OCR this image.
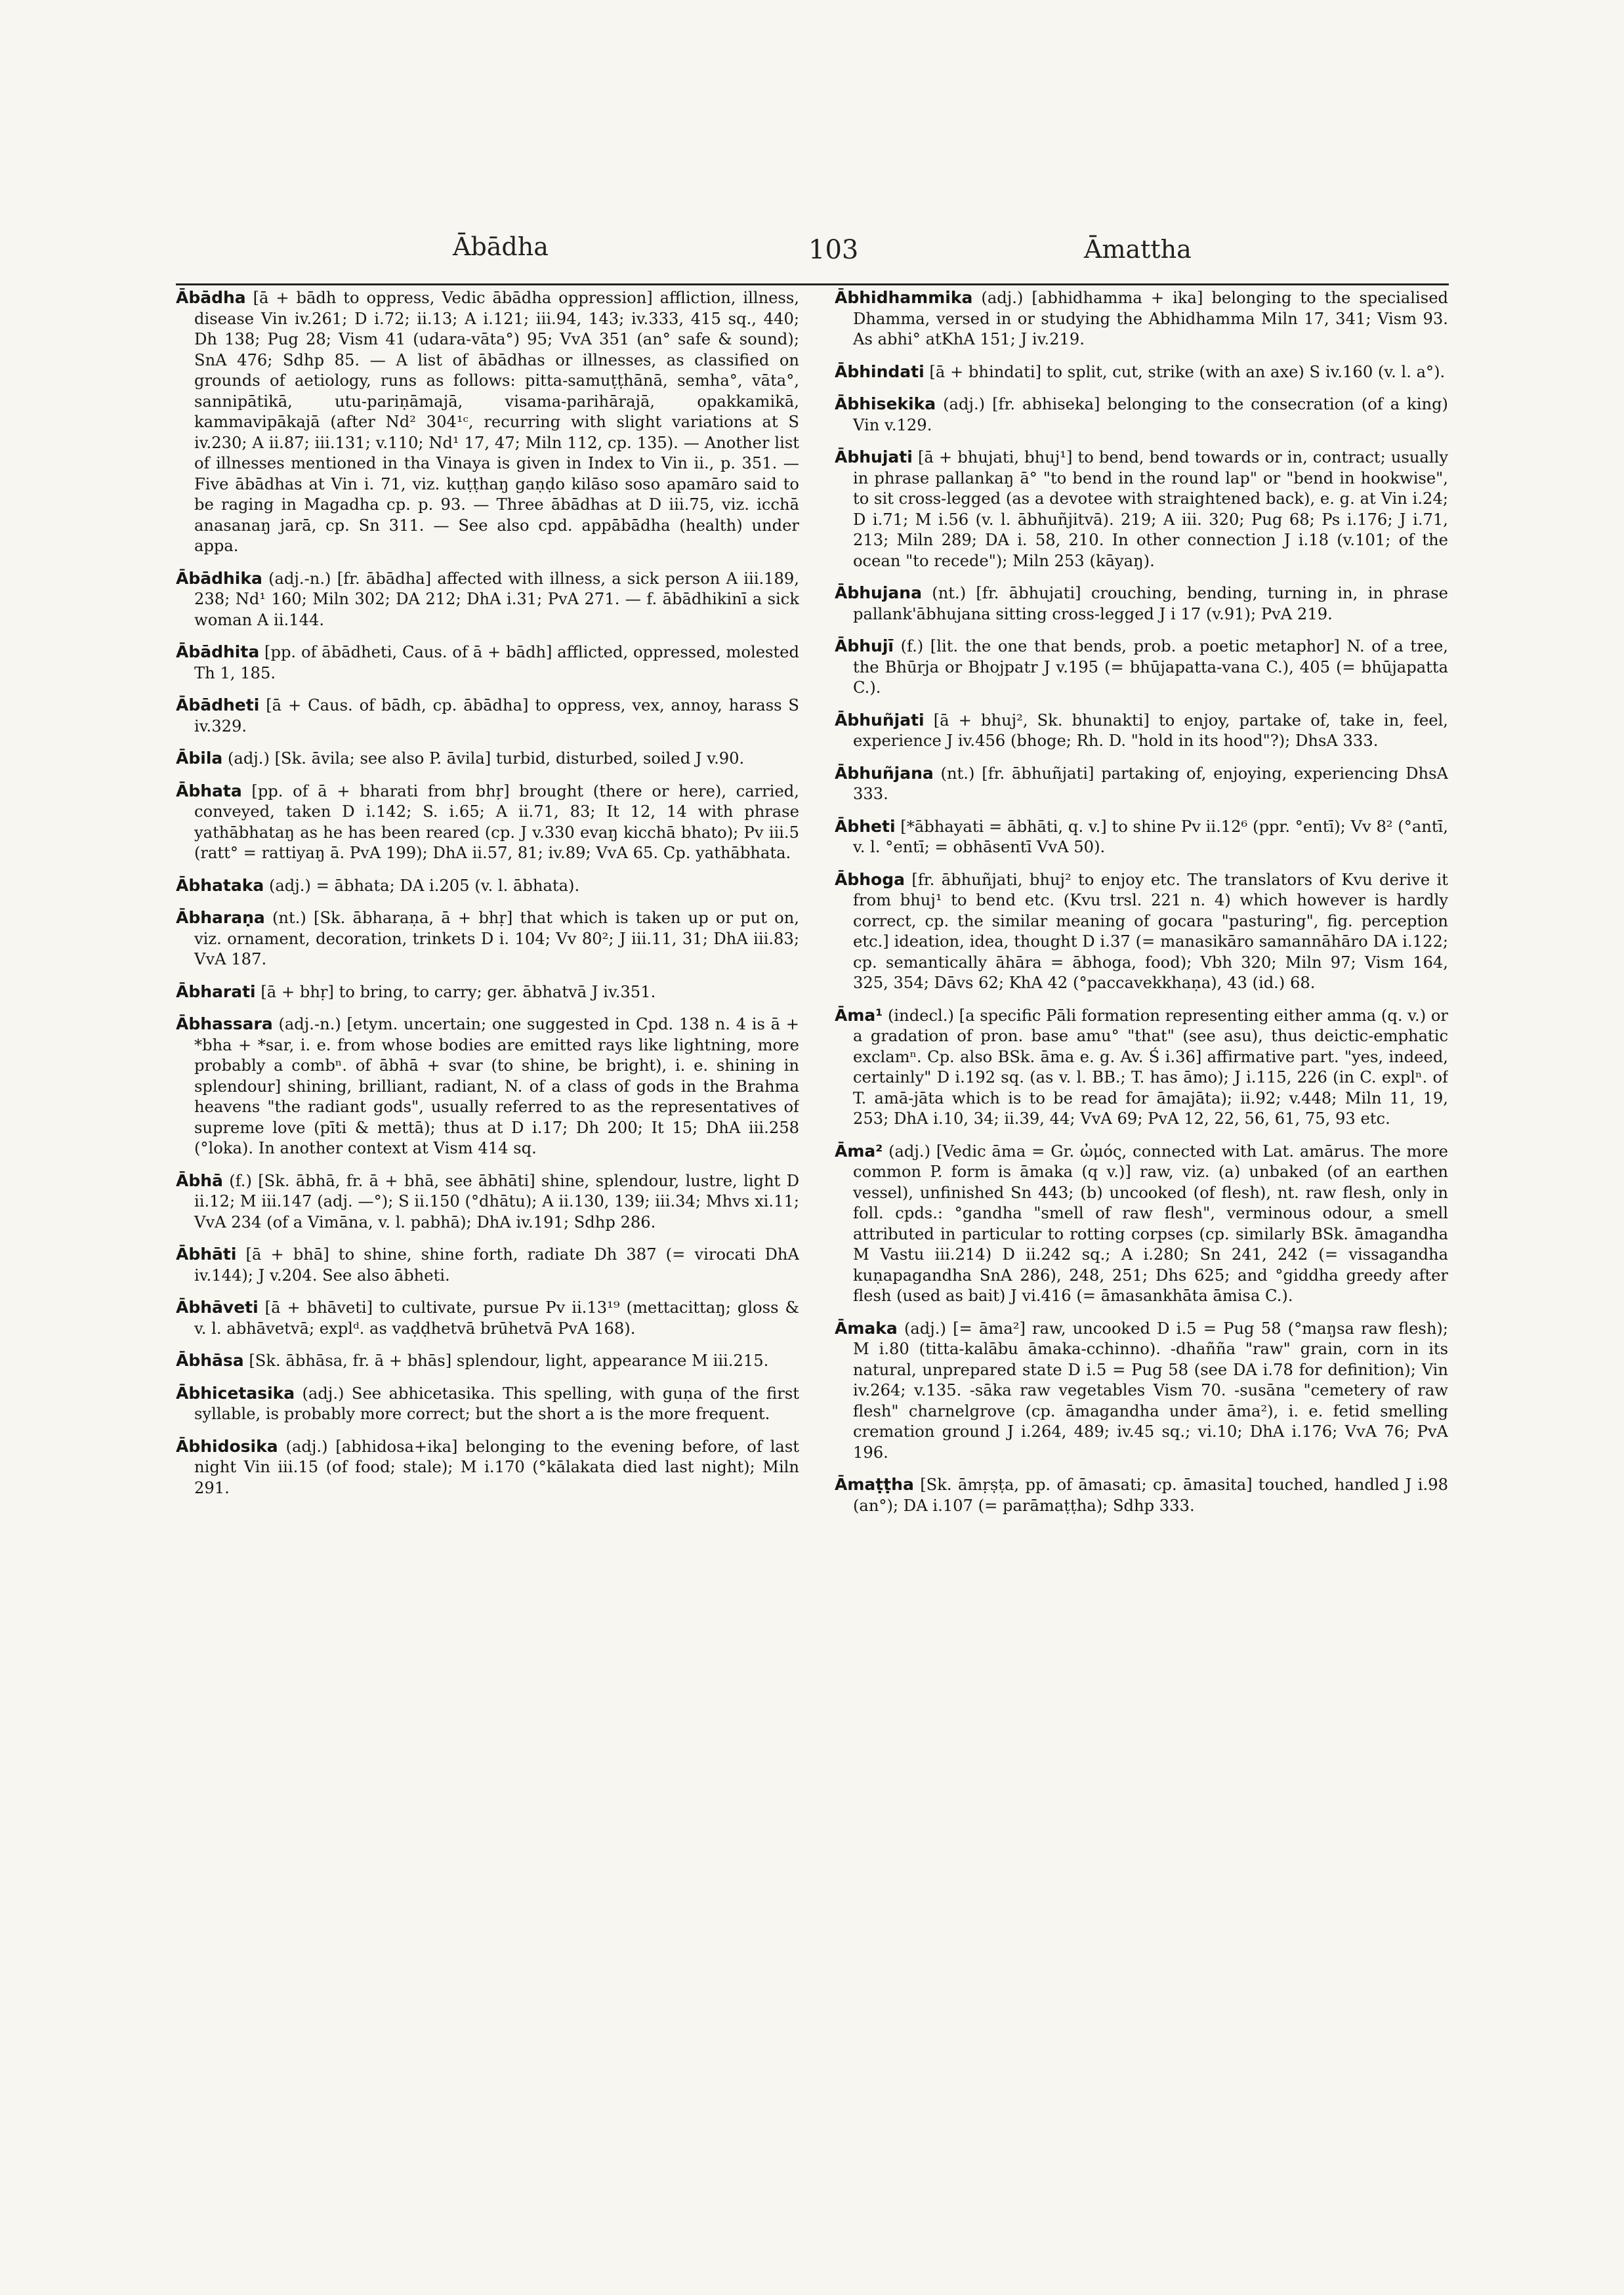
Ābādha	103	Āmattha

Ābādha [ā + bādh to oppress, Vedic ābādha oppression] affliction, illness, disease Vin iv.261; D i.72; ii.13; A i.121; iii.94, 143; iv.333, 415 sq., 440; Dh 138; Pug 28; Vism 41 (udara-vāta°) 95; VvA 351 (an° safe & sound); SnA 476; Sdhp 85. — A list of ābādhas or illnesses, as classified on grounds of aetiology, runs as follows: pitta-samuṭṭhānā, semha°, vāta°, sannipātikā, utu-pariṇāmajā, visama-parihārajā, opakkamikā, kammavipākajā (after Nd² 304¹ᶜ, recurring with slight variations at S iv.230; A ii.87; iii.131; v.110; Nd¹ 17, 47; Miln 112, cp. 135). — Another list of illnesses mentioned in tha Vinaya is given in Index to Vin ii., p. 351. — Five ābādhas at Vin i. 71, viz. kuṭṭhaŋ gaṇḍo kilāso soso apamāro said to be raging in Magadha cp. p. 93. — Three ābādhas at D iii.75, viz. icchā anasanaŋ jarā, cp. Sn 311. — See also cpd. appābādha (health) under appa.

Ābādhika (adj.-n.) [fr. ābādha] affected with illness, a sick person A iii.189, 238; Nd¹ 160; Miln 302; DA 212; DhA i.31; PvA 271. — f. ābādhikinī a sick woman A ii.144.

Ābādhita [pp. of ābādheti, Caus. of ā + bādh] afflicted, oppressed, molested Th 1, 185.

Ābādheti [ā + Caus. of bādh, cp. ābādha] to oppress, vex, annoy, harass S iv.329.

Ābila (adj.) [Sk. āvila; see also P. āvila] turbid, disturbed, soiled J v.90.

Ābhata [pp. of ā + bharati from bhṛ] brought (there or here), carried, conveyed, taken D i.142; S. i.65; A ii.71, 83; It 12, 14 with phrase yathābhataŋ as he has been reared (cp. J v.330 evaŋ kicchā bhato); Pv iii.5 (ratt° = rattiyaŋ ā. PvA 199); DhA ii.57, 81; iv.89; VvA 65. Cp. yathābhata.

Ābhataka (adj.) = ābhata; DA i.205 (v. l. ābhata).

Ābharaṇa (nt.) [Sk. ābharaṇa, ā + bhṛ] that which is taken up or put on, viz. ornament, decoration, trinkets D i. 104; Vv 80²; J iii.11, 31; DhA iii.83; VvA 187.

Ābharati [ā + bhṛ] to bring, to carry; ger. ābhatvā J iv.351.

Ābhassara (adj.-n.) [etym. uncertain; one suggested in Cpd. 138 n. 4 is ā + *bha + *sar, i. e. from whose bodies are emitted rays like lightning, more probably a combⁿ. of ābhā + svar (to shine, be bright), i. e. shining in splendour] shining, brilliant, radiant, N. of a class of gods in the Brahma heavens "the radiant gods", usually referred to as the representatives of supreme love (pīti & mettā); thus at D i.17; Dh 200; It 15; DhA iii.258 (°loka). In another context at Vism 414 sq.

Ābhā (f.) [Sk. ābhā, fr. ā + bhā, see ābhāti] shine, splendour, lustre, light D ii.12; M iii.147 (adj. —°); S ii.150 (°dhātu); A ii.130, 139; iii.34; Mhvs xi.11; VvA 234 (of a Vimāna, v. l. pabhā); DhA iv.191; Sdhp 286.

Ābhāti [ā + bhā] to shine, shine forth, radiate Dh 387 (= virocati DhA iv.144); J v.204. See also ābheti.

Ābhāveti [ā + bhāveti] to cultivate, pursue Pv ii.13¹⁹ (mettacittaŋ; gloss & v. l. abhāvetvā; explᵈ. as vaḍḍhetvā brūhetvā PvA 168).

Ābhāsa [Sk. ābhāsa, fr. ā + bhās] splendour, light, appearance M iii.215.

Ābhicetasika (adj.) See abhicetasika. This spelling, with guṇa of the first syllable, is probably more correct; but the short a is the more frequent.

Ābhidosika (adj.) [abhidosa+ika] belonging to the evening before, of last night Vin iii.15 (of food; stale); M i.170 (°kālakata died last night); Miln 291.

Ābhidhammika (adj.) [abhidhamma + ika] belonging to the specialised Dhamma, versed in or studying the Abhidhamma Miln 17, 341; Vism 93. As abhi° atKhA 151; J iv.219.

Ābhindati [ā + bhindati] to split, cut, strike (with an axe) S iv.160 (v. l. a°).

Ābhisekika (adj.) [fr. abhiseka] belonging to the consecration (of a king) Vin v.129.

Ābhujati [ā + bhujati, bhuj¹] to bend, bend towards or in, contract; usually in phrase pallankaŋ ā° "to bend in the round lap" or "bend in hookwise", to sit cross-legged (as a devotee with straightened back), e. g. at Vin i.24; D i.71; M i.56 (v. l. ābhuñjitvā). 219; A iii. 320; Pug 68; Ps i.176; J i.71, 213; Miln 289; DA i. 58, 210. In other connection J i.18 (v.101; of the ocean "to recede"); Miln 253 (kāyaŋ).

Ābhujana (nt.) [fr. ābhujati] crouching, bending, turning in, in phrase pallank'ābhujana sitting cross-legged J i 17 (v.91); PvA 219.

Ābhujī (f.) [lit. the one that bends, prob. a poetic metaphor] N. of a tree, the Bhūrja or Bhojpatr J v.195 (= bhūjapatta-vana C.), 405 (= bhūjapatta C.).

Ābhuñjati [ā + bhuj², Sk. bhunakti] to enjoy, partake of, take in, feel, experience J iv.456 (bhoge; Rh. D. "hold in its hood"?); DhsA 333.

Ābhuñjana (nt.) [fr. ābhuñjati] partaking of, enjoying, experiencing DhsA 333.

Ābheti [*ābhayati = ābhāti, q. v.] to shine Pv ii.12⁶ (ppr. °entī); Vv 8² (°antī, v. l. °entī; = obhāsentī VvA 50).

Ābhoga [fr. ābhuñjati, bhuj² to enjoy etc. The translators of Kvu derive it from bhuj¹ to bend etc. (Kvu trsl. 221 n. 4) which however is hardly correct, cp. the similar meaning of gocara "pasturing", fig. perception etc.] ideation, idea, thought D i.37 (= manasikāro samannāhāro DA i.122; cp. semantically āhāra = ābhoga, food); Vbh 320; Miln 97; Vism 164, 325, 354; Dāvs 62; KhA 42 (°paccavekkhaṇa), 43 (id.) 68.

Āma¹ (indecl.) [a specific Pāli formation representing either amma (q. v.) or a gradation of pron. base amu° "that" (see asu), thus deictic-emphatic exclamⁿ. Cp. also BSk. āma e. g. Av. Ś i.36] affirmative part. "yes, indeed, certainly" D i.192 sq. (as v. l. BB.; T. has āmo); J i.115, 226 (in C. explⁿ. of T. amā-jāta which is to be read for āmajāta); ii.92; v.448; Miln 11, 19, 253; DhA i.10, 34; ii.39, 44; VvA 69; PvA 12, 22, 56, 61, 75, 93 etc.

Āma² (adj.) [Vedic āma = Gr. ὠμός, connected with Lat. amārus. The more common P. form is āmaka (q v.)] raw, viz. (a) unbaked (of an earthen vessel), unfinished Sn 443; (b) uncooked (of flesh), nt. raw flesh, only in foll. cpds.: °gandha "smell of raw flesh", verminous odour, a smell attributed in particular to rotting corpses (cp. similarly BSk. āmagandha M Vastu iii.214) D ii.242 sq.; A i.280; Sn 241, 242 (= vissagandha kuṇapagandha SnA 286), 248, 251; Dhs 625; and °giddha greedy after flesh (used as bait) J vi.416 (= āmasankhāta āmisa C.).

Āmaka (adj.) [= āma²] raw, uncooked D i.5 = Pug 58 (°maŋsa raw flesh); M i.80 (titta-kalābu āmaka-cchinno). -dhañña "raw" grain, corn in its natural, unprepared state D i.5 = Pug 58 (see DA i.78 for definition); Vin iv.264; v.135. -sāka raw vegetables Vism 70. -susāna "cemetery of raw flesh" charnelgrove (cp. āmagandha under āma²), i. e. fetid smelling cremation ground J i.264, 489; iv.45 sq.; vi.10; DhA i.176; VvA 76; PvA 196.

Āmaṭṭha [Sk. āmṛṣṭa, pp. of āmasati; cp. āmasita] touched, handled J i.98 (an°); DA i.107 (= parāmaṭṭha); Sdhp 333.
